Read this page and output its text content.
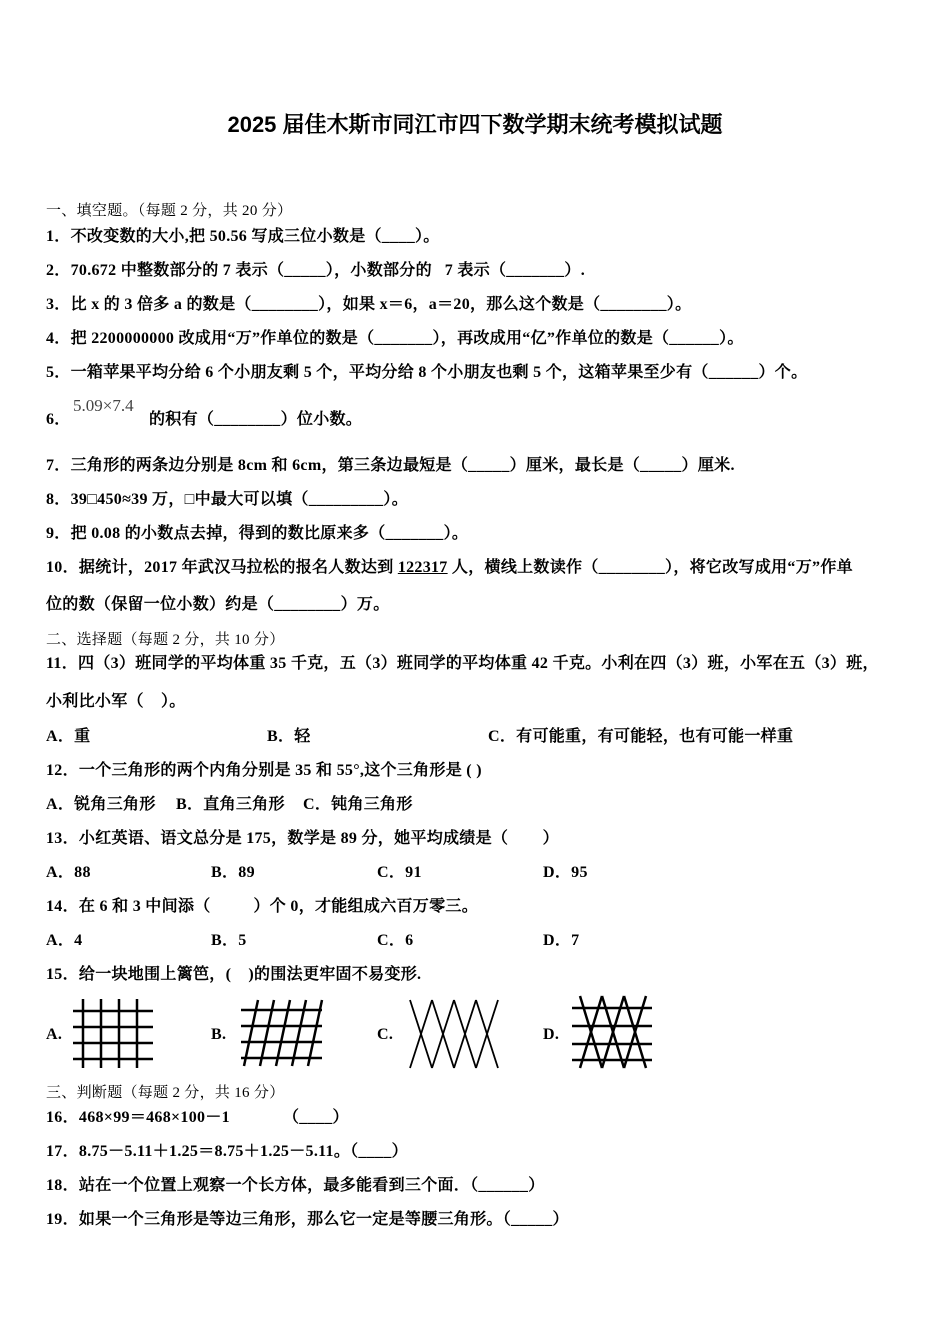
2025 届佳木斯市同江市四下数学期末统考模拟试题
一、填空题。（每题 2 分，共 20 分）
1．不改变数的大小,把 50.56 写成三位小数是（____）。
2．70.672 中整数部分的 7 表示（_____），小数部分的   7 表示（_______）.
3．比 x 的 3 倍多 a 的数是（________），如果 x＝6，a＝20，那么这个数是（________）。
4．把 2200000000 改成用“万”作单位的数是（_______），再改成用“亿”作单位的数是（______）。
5．一箱苹果平均分给 6 个小朋友剩 5 个，平均分给 8 个小朋友也剩 5 个，这箱苹果至少有（______）个。
6．
5.09×7.4
的积有（________）位小数。
7．三角形的两条边分别是 8cm 和 6cm，第三条边最短是（_____）厘米，最长是（_____）厘米.
8．39□450≈39 万，□中最大可以填（_________）。
9．把 0.08 的小数点去掉，得到的数比原来多（_______）。
10．据统计，2017 年武汉马拉松的报名人数达到 122317 人，横线上数读作（________），将它改写成用“万”作单
位的数（保留一位小数）约是（________）万。
二、选择题（每题 2 分，共 10 分）
11．四（3）班同学的平均体重 35 千克，五（3）班同学的平均体重 42 千克。小利在四（3）班，小军在五（3）班，
小利比小军（    ）。
A．重	B．轻	C．有可能重，有可能轻，也有可能一样重
12．一个三角形的两个内角分别是 35 和 55°,这个三角形是 ( )
A．锐角三角形 B．直角三角形 C．钝角三角形
13．小红英语、语文总分是 175，数学是 89 分，她平均成绩是（        ）
A．88	B．89	C．91	D．95
14．在 6 和 3 中间添（          ）个 0，才能组成六百万零三。
A．4	B．5	C．6	D．7
15．给一块地围上篱笆，(    )的围法更牢固不易变形.
A.	B.	C.	D.
三、判断题（每题 2 分，共 16 分）
16．468×99＝468×100－1	（____）
17．8.75－5.11＋1.25＝8.75＋1.25－5.11。（____）
18．站在一个位置上观察一个长方体，最多能看到三个面．（______）
19．如果一个三角形是等边三角形，那么它一定是等腰三角形。（_____）
